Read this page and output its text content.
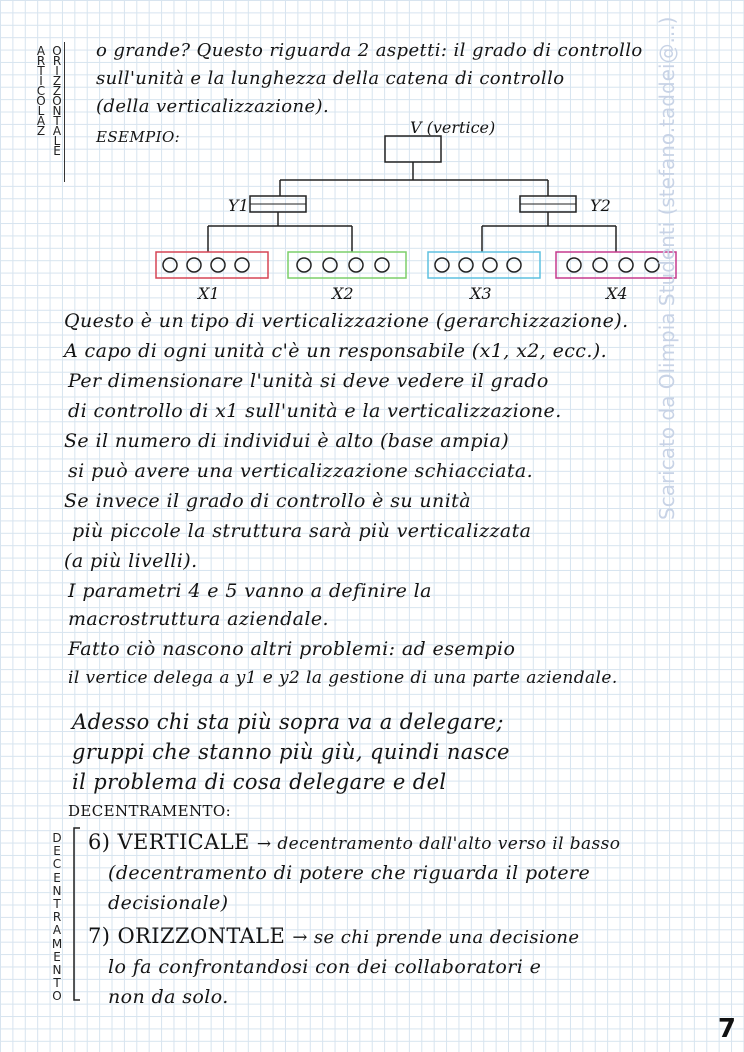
A
R
T
I
C
O
L
A
Z
O
R
I
Z
Z
O
N
T
A
L
E
o grande? Questo riguarda 2 aspetti: il grado di controllo
sull'unità e la lunghezza della catena di controllo
(della verticalizzazione).
ESEMPIO:	V (vertice)
Y1	Y2
X1	X2	X3	X4
Questo è un tipo di verticalizzazione (gerarchizzazione).
A capo di ogni unità c'è un responsabile (x1, x2, ecc.).
Per dimensionare l'unità si deve vedere il grado
di controllo di x1 sull'unità e la verticalizzazione.
Se il numero di individui è alto (base ampia)
si può avere una verticalizzazione schiacciata.
Se invece il grado di controllo è su unità
più piccole la struttura sarà più verticalizzata
(a più livelli).
I parametri 4 e 5 vanno a definire la
macrostruttura aziendale.
Fatto ciò nascono altri problemi: ad esempio
il vertice delega a y1 e y2 la gestione di una parte aziendale.
Adesso chi sta più sopra va a delegare;
gruppi che stanno più giù, quindi nasce
il problema di cosa delegare e del
DECENTRAMENTO:
D
E
C
E
N
T
R
A
M
E
N
T
O
6) VERTICALE → decentramento dall'alto verso il basso
(decentramento di potere che riguarda il potere
decisionale)
7) ORIZZONTALE → se chi prende una decisione
lo fa confrontandosi con dei collaboratori e
non da solo.
Scaricato da Olimpia Studenti (stefano.taddei@...)
7
